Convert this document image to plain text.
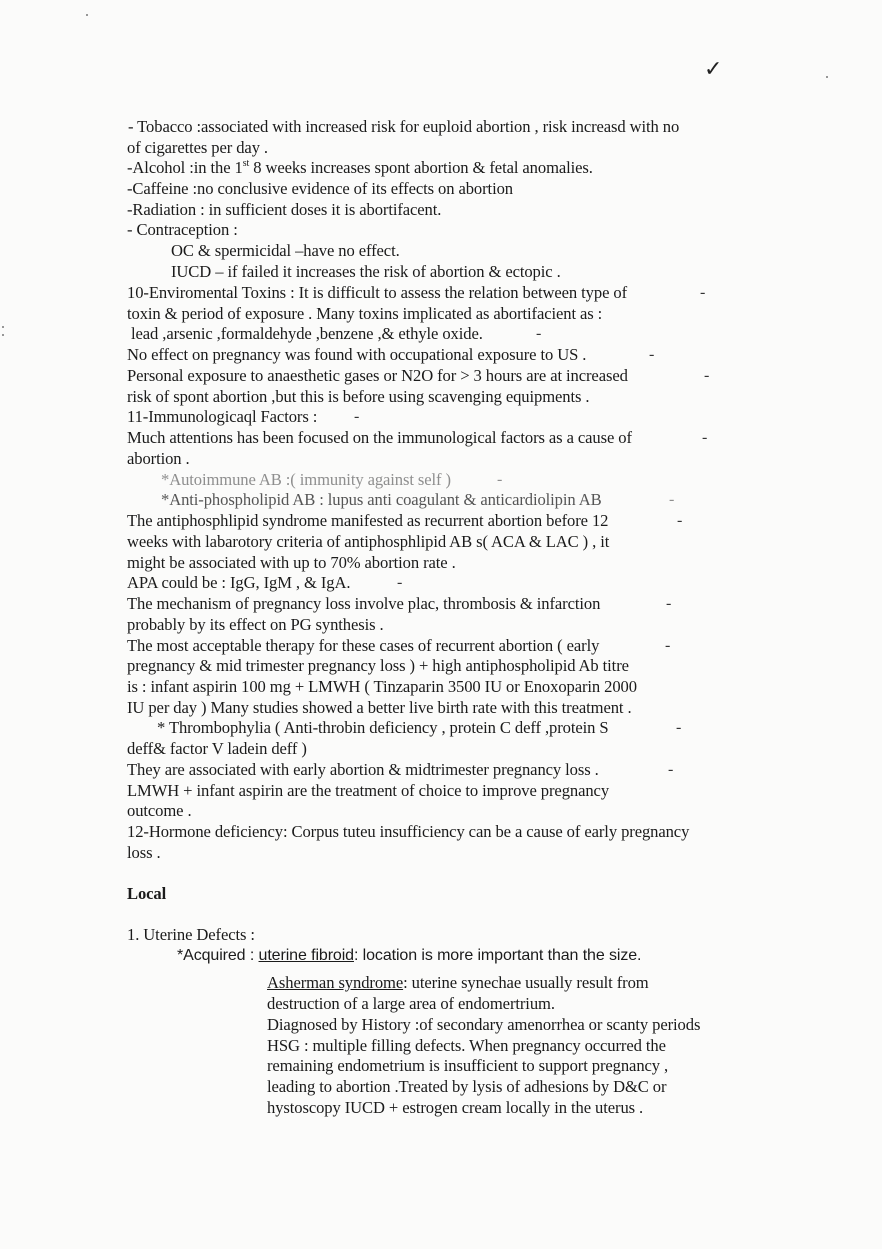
✓
- Tobacco :associated with increased risk for euploid abortion , risk increasd with no
of cigarettes per day .
-Alcohol :in the 1st 8 weeks increases spont abortion & fetal anomalies.
-Caffeine :no conclusive evidence of its effects on abortion
-Radiation : in sufficient doses it is abortifacent.
- Contraception :
OC & spermicidal –have no effect.
IUCD – if failed it increases the risk of abortion & ectopic .
10-Enviromental Toxins : It is difficult to assess the relation between type of	-
toxin & period of exposure . Many toxins implicated as abortifacient as :
lead ,arsenic ,formaldehyde ,benzene ,& ethyle oxide.	-
No effect on pregnancy was found with occupational exposure to US .	-
Personal exposure to anaesthetic gases or N2O for > 3 hours are at increased	-
risk of spont abortion ,but this is before using scavenging equipments .
11-Immunologicaql Factors : -
Much attentions has been focused on the immunological factors as a cause of	-
abortion .
*Autoimmune AB :( immunity against self )	-
*Anti-phospholipid AB : lupus anti coagulant & anticardiolipin AB	-
The antiphosphlipid syndrome manifested as recurrent abortion before 12	-
weeks with labarotory criteria of antiphosphlipid AB s( ACA & LAC ) , it
might be associated with up to 70% abortion rate .
APA could be : IgG, IgM , & IgA.	-
The mechanism of pregnancy loss involve plac, thrombosis & infarction	-
probably by its effect on PG synthesis .
The most acceptable therapy for these cases of recurrent abortion ( early	-
pregnancy & mid trimester pregnancy loss ) + high antiphospholipid Ab titre
is : infant aspirin 100 mg + LMWH ( Tinzaparin 3500 IU or Enoxoparin 2000
IU per day ) Many studies showed a better live birth rate with this treatment .
* Thrombophylia ( Anti-throbin deficiency , protein C deff ,protein S	-
deff& factor V ladein deff )
They are associated with early abortion & midtrimester pregnancy loss .	-
LMWH + infant aspirin are the treatment of choice to improve pregnancy
outcome .
12-Hormone deficiency: Corpus tuteu insufficiency can be a cause of early pregnancy
loss .
Local
1. Uterine Defects :
*Acquired : uterine fibroid: location is more important than the size.
Asherman syndrome: uterine synechae usually result from
destruction of a large area of endomertrium.
Diagnosed by History :of secondary amenorrhea or scanty periods
HSG : multiple filling defects. When pregnancy occurred the
remaining endometrium is insufficient to support pregnancy ,
leading to abortion .Treated by lysis of adhesions by D&C or
hystoscopy IUCD + estrogen cream locally in the uterus .
